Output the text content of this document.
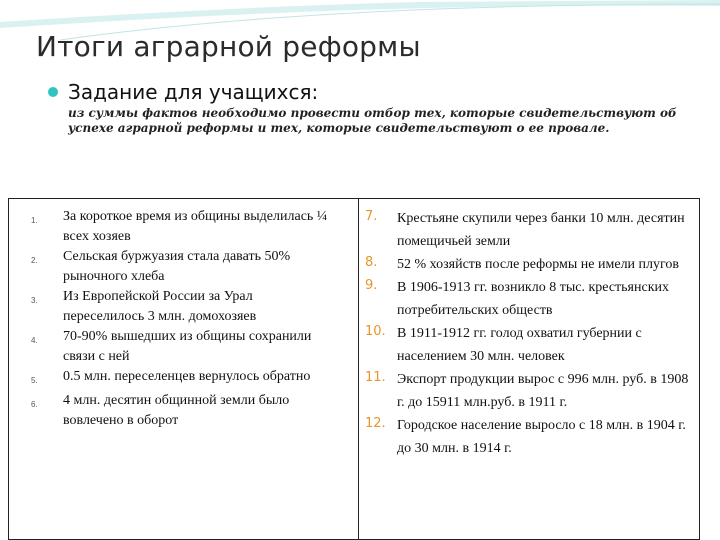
Итоги аграрной реформы
Задание для учащихся:
из суммы фактов необходимо провести отбор тех, которые свидетельствуют об успехе аграрной реформы и тех, которые свидетельствуют о ее провале.
1.	За короткое время из общины выделилась ¼ всех хозяев
2.	Сельская буржуазия стала давать 50% рыночного хлеба
3.	Из Европейской России за Урал переселилось 3 млн. домохозяев
4.	70-90% вышедших из общины сохранили связи с ней
5.	0.5 млн. переселенцев вернулось обратно
6.	4 млн. десятин общинной земли было вовлечено в оборот
7.	Крестьяне скупили через банки 10 млн. десятин помещичьей земли
8.	52 % хозяйств после реформы не имели плугов
9.	В 1906-1913 гг. возникло 8 тыс. крестьянских потребительских обществ
10. В 1911-1912 гг. голод охватил губернии с населением 30 млн. человек
11. Экспорт продукции вырос с 996 млн. руб. в 1908 г. до 15911 млн.руб. в 1911 г.
12. Городское население выросло с 18 млн. в 1904 г. до 30 млн. в 1914 г.
